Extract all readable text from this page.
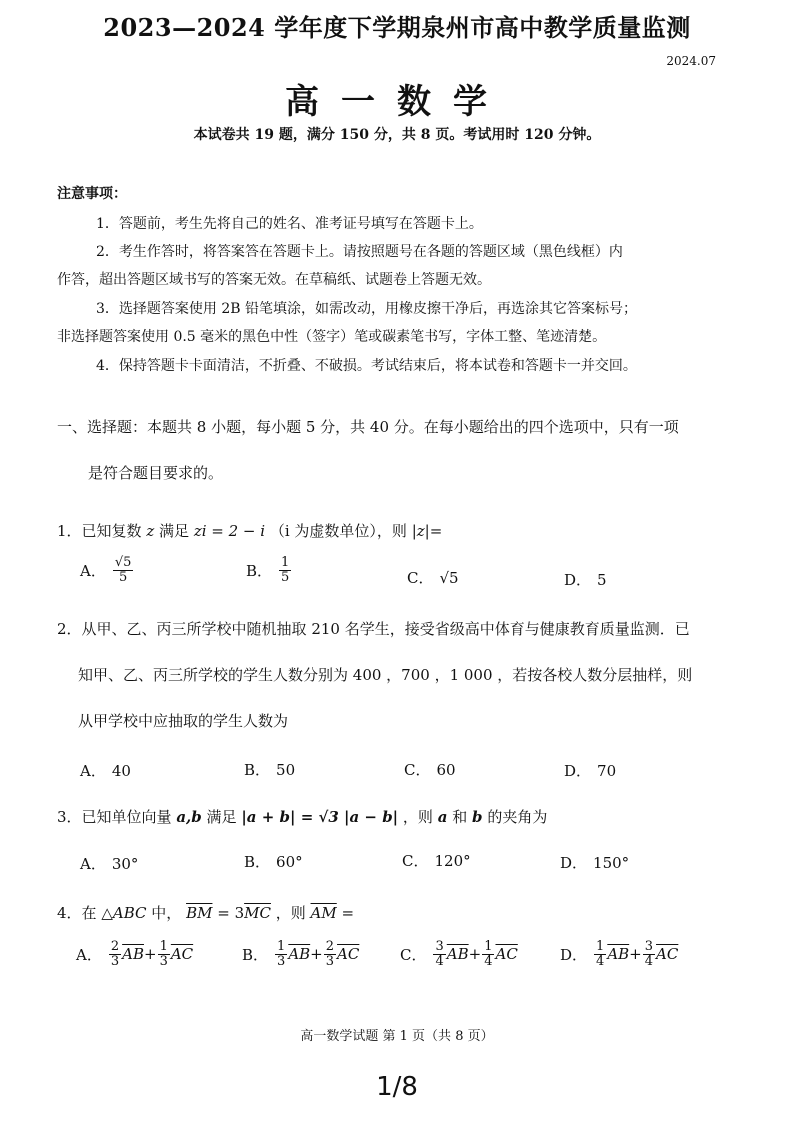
2023—2024 学年度下学期泉州市高中教学质量监测
2024.07
高一数学
本试卷共 19 题，满分 150 分，共 8 页。考试用时 120 分钟。
注意事项：
1．答题前，考生先将自己的姓名、准考证号填写在答题卡上。
2．考生作答时，将答案答在答题卡上。请按照题号在各题的答题区域（黑色线框）内
作答，超出答题区域书写的答案无效。在草稿纸、试题卷上答题无效。
3．选择题答案使用 2B 铅笔填涂，如需改动，用橡皮擦干净后，再选涂其它答案标号；
非选择题答案使用 0.5 毫米的黑色中性（签字）笔或碳素笔书写，字体工整、笔迹清楚。
4．保持答题卡卡面清洁，不折叠、不破损。考试结束后，将本试卷和答题卡一并交回。
一、选择题：本题共 8 小题，每小题 5 分，共 40 分。在每小题给出的四个选项中，只有一项
是符合题目要求的。
1．已知复数 z 满足 zi = 2 − i （i 为虚数单位），则 |z|=
A． $\frac{√5}{5}$	B． $\frac{1}{5}$	C． √5	D． 5
2．从甲、乙、丙三所学校中随机抽取 210 名学生，接受省级高中体育与健康教育质量监测．已
知甲、乙、丙三所学校的学生人数分别为 400 ，700 ，1 000 ，若按各校人数分层抽样，则
从甲学校中应抽取的学生人数为
A． 40	B． 50	C． 60	D． 70
3．已知单位向量 a,b 满足 |a + b| = √3 |a − b| ，则 a 和 b 的夹角为
A． 30°	B． 60°	C． 120°	D． 150°
4．在 △ABC 中， $\overline{BM} = 3\overline{MC}$ ，则 $\overline{AM}$ =
A． $\frac{2}{3} \overline{AB} + \frac{1}{3} \overline{AC}$	B． $\frac{1}{3} \overline{AB} + \frac{2}{3} \overline{AC}$	C． $\frac{3}{4} \overline{AB} + \frac{1}{4} \overline{AC}$	D． $\frac{1}{4} \overline{AB} + \frac{3}{4} \overline{AC}$
高一数学试题 第 1 页（共 8 页）
1/8
